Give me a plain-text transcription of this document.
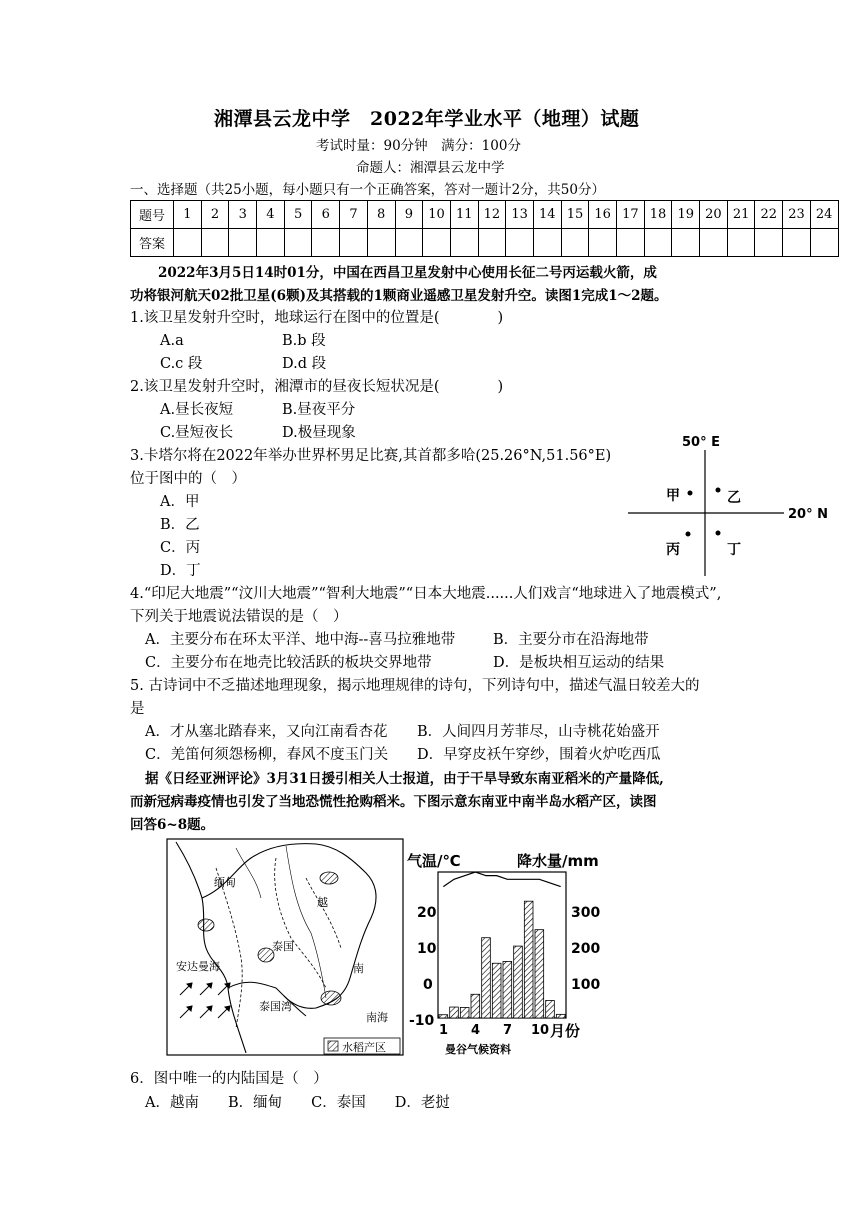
湘潭县云龙中学　2022年学业水平（地理）试题
考试时量：90分钟　满分：100分
命题人：湘潭县云龙中学
一、选择题（共25小题，每小题只有一个正确答案，答对一题计2分，共50分）
题号	1	2	3	4	5	6	7	8	9	10	11	12	13	14	15	16	17	18	19	20	21	22	23	24
答案																								
2022年3月5日14时01分，中国在西昌卫星发射中心使用长征二号丙运载火箭，成
功将银河航天02批卫星(6颗)及其搭载的1颗商业遥感卫星发射升空。读图1完成1～2题。
1.该卫星发射升空时，地球运行在图中的位置是(　　　　)
A.a	B.b 段
C.c 段	D.d 段
2.该卫星发射升空时，湘潭市的昼夜长短状况是(　　　　)
A.昼长夜短	B.昼夜平分
C.昼短夜长	D.极昼现象
3.卡塔尔将在2022年举办世界杯男足比赛,其首都多哈(25.26°N,51.56°E)
位于图中的（　）
A．甲
B．乙
C．丙
D．丁
50° E
20° N
甲	乙
丙	丁
4.“印尼大地震”“汶川大地震”“智利大地震”“日本大地震......人们戏言“地球进入了地震模式”,
下列关于地震说法错误的是（　）
A．主要分布在环太平洋、地中海--喜马拉雅地带	B．主要分市在沿海地带
C．主要分布在地壳比较活跃的板块交界地带	D．是板块相互运动的结果
5. 古诗词中不乏描述地理现象，揭示地理规律的诗句，下列诗句中，描述气温日较差大的
是
A．才从塞北踏春来，又向江南看杏花 B．人间四月芳菲尽，山寺桃花始盛开
C．羌笛何须怨杨柳，春风不度玉门关 D．早穿皮袄午穿纱，围着火炉吃西瓜
据《日经亚洲评论》3月31日援引相关人士报道，由于干旱导致东南亚稻米的产量降低,
而新冠病毒疫情也引发了当地恐慌性抢购稻米。下图示意东南亚中南半岛水稻产区，读图
回答6~8题。
缅甸
越
泰国
南
安达曼海
泰国湾
南海
水稻产区
气温/℃	降水量/mm
20
10
0
-10
300
200
100
1 4 7 10 月份
曼谷气候资料
6．图中唯一的内陆国是（　）
A．越南　　B．缅甸　　C．泰国　　D．老挝
